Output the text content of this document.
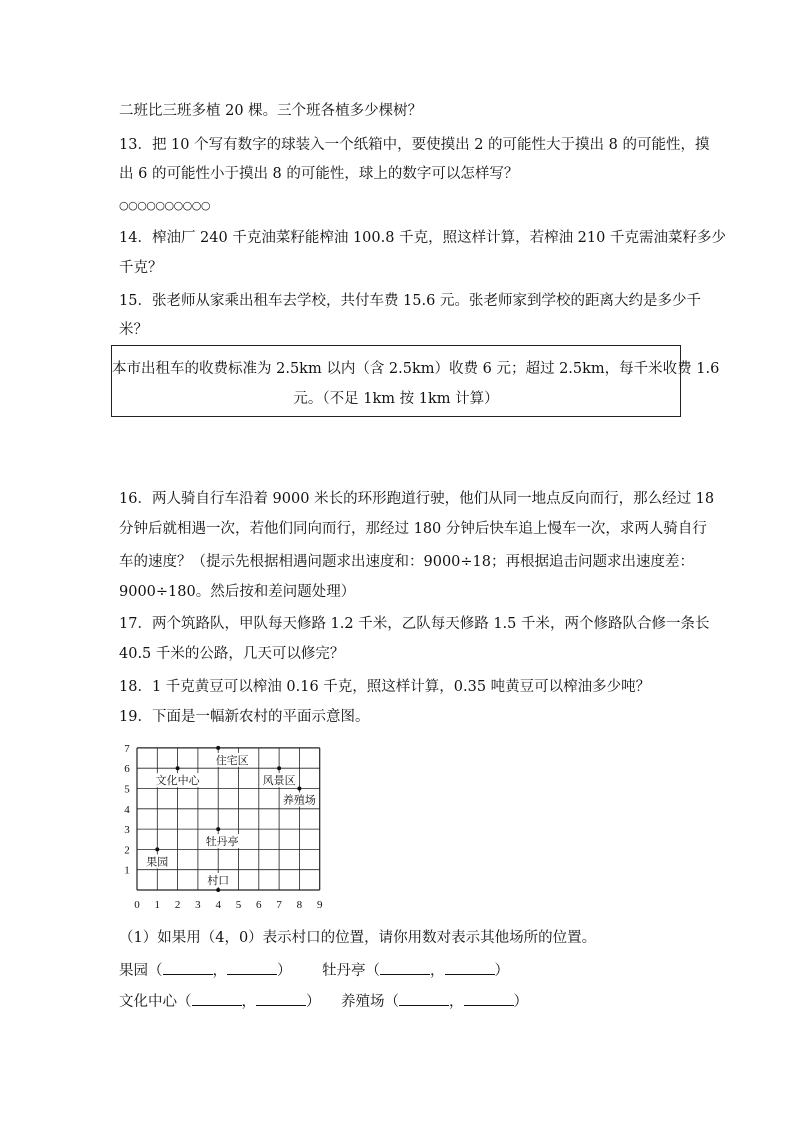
二班比三班多植 20 棵。三个班各植多少棵树？
13．把 10 个写有数字的球装入一个纸箱中，要使摸出 2 的可能性大于摸出 8 的可能性，摸
出 6 的可能性小于摸出 8 的可能性，球上的数字可以怎样写？
○○○○○○○○○○
14．榨油厂 240 千克油菜籽能榨油 100.8 千克，照这样计算，若榨油 210 千克需油菜籽多少
千克？
15．张老师从家乘出租车去学校，共付车费 15.6 元。张老师家到学校的距离大约是多少千
米？
本市出租车的收费标准为 2.5km 以内（含 2.5km）收费 6 元；超过 2.5km，每千米收费 1.6
元。（不足 1km 按 1km 计算）
16．两人骑自行车沿着 9000 米长的环形跑道行驶，他们从同一地点反向而行，那么经过 18
分钟后就相遇一次，若他们同向而行，那经过 180 分钟后快车追上慢车一次，求两人骑自行
车的速度？（提示先根据相遇问题求出速度和：9000÷18；再根据追击问题求出速度差：
9000÷180。然后按和差问题处理）
17．两个筑路队，甲队每天修路 1.2 千米，乙队每天修路 1.5 千米，两个修路队合修一条长
40.5 千米的公路，几天可以修完？
18．1 千克黄豆可以榨油 0.16 千克，照这样计算，0.35 吨黄豆可以榨油多少吨？
19．下面是一幅新农村的平面示意图。
0 1 2 3 4 5 6 7 8 9
1
2
3
4
5
6
7
住宅区
文化中心	风景区
养殖场
牡丹亭
果园
村口
（1）如果用（4，0）表示村口的位置，请你用数对表示其他场所的位置。
果园（	，	） 牡丹亭（	，	）
文化中心（	，	） 养殖场（	，	）
